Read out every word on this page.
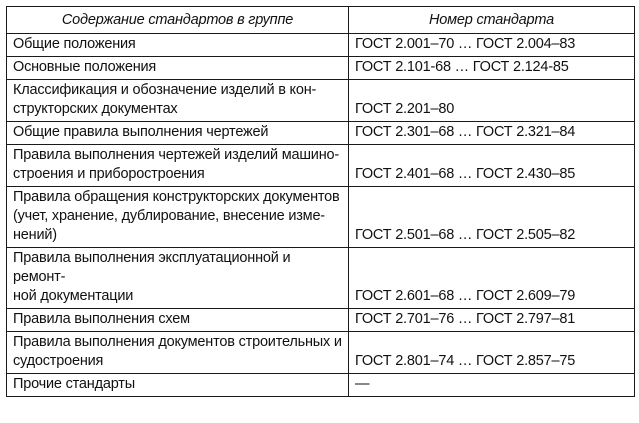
Содержание стандартов в группе	Номер стандарта
Общие положения	ГОСТ 2.001–70 … ГОСТ 2.004–83
Основные положения	ГОСТ 2.101-68 … ГОСТ 2.124-85
Классификация и обозначение изделий в кон-
структорских документах	ГОСТ 2.201–80
Общие правила выполнения чертежей	ГОСТ 2.301–68 … ГОСТ 2.321–84
Правила выполнения чертежей изделий машино-
строения и приборостроения	ГОСТ 2.401–68 … ГОСТ 2.430–85
Правила обращения конструкторских документов
(учет, хранение, дублирование, внесение изме-
нений)	ГОСТ 2.501–68 … ГОСТ 2.505–82
Правила выполнения эксплуатационной и ремонт-
ной документации	ГОСТ 2.601–68 … ГОСТ 2.609–79
Правила выполнения схем	ГОСТ 2.701–76 … ГОСТ 2.797–81
Правила выполнения документов строительных и
судостроения	ГОСТ 2.801–74 … ГОСТ 2.857–75
Прочие стандарты	—
